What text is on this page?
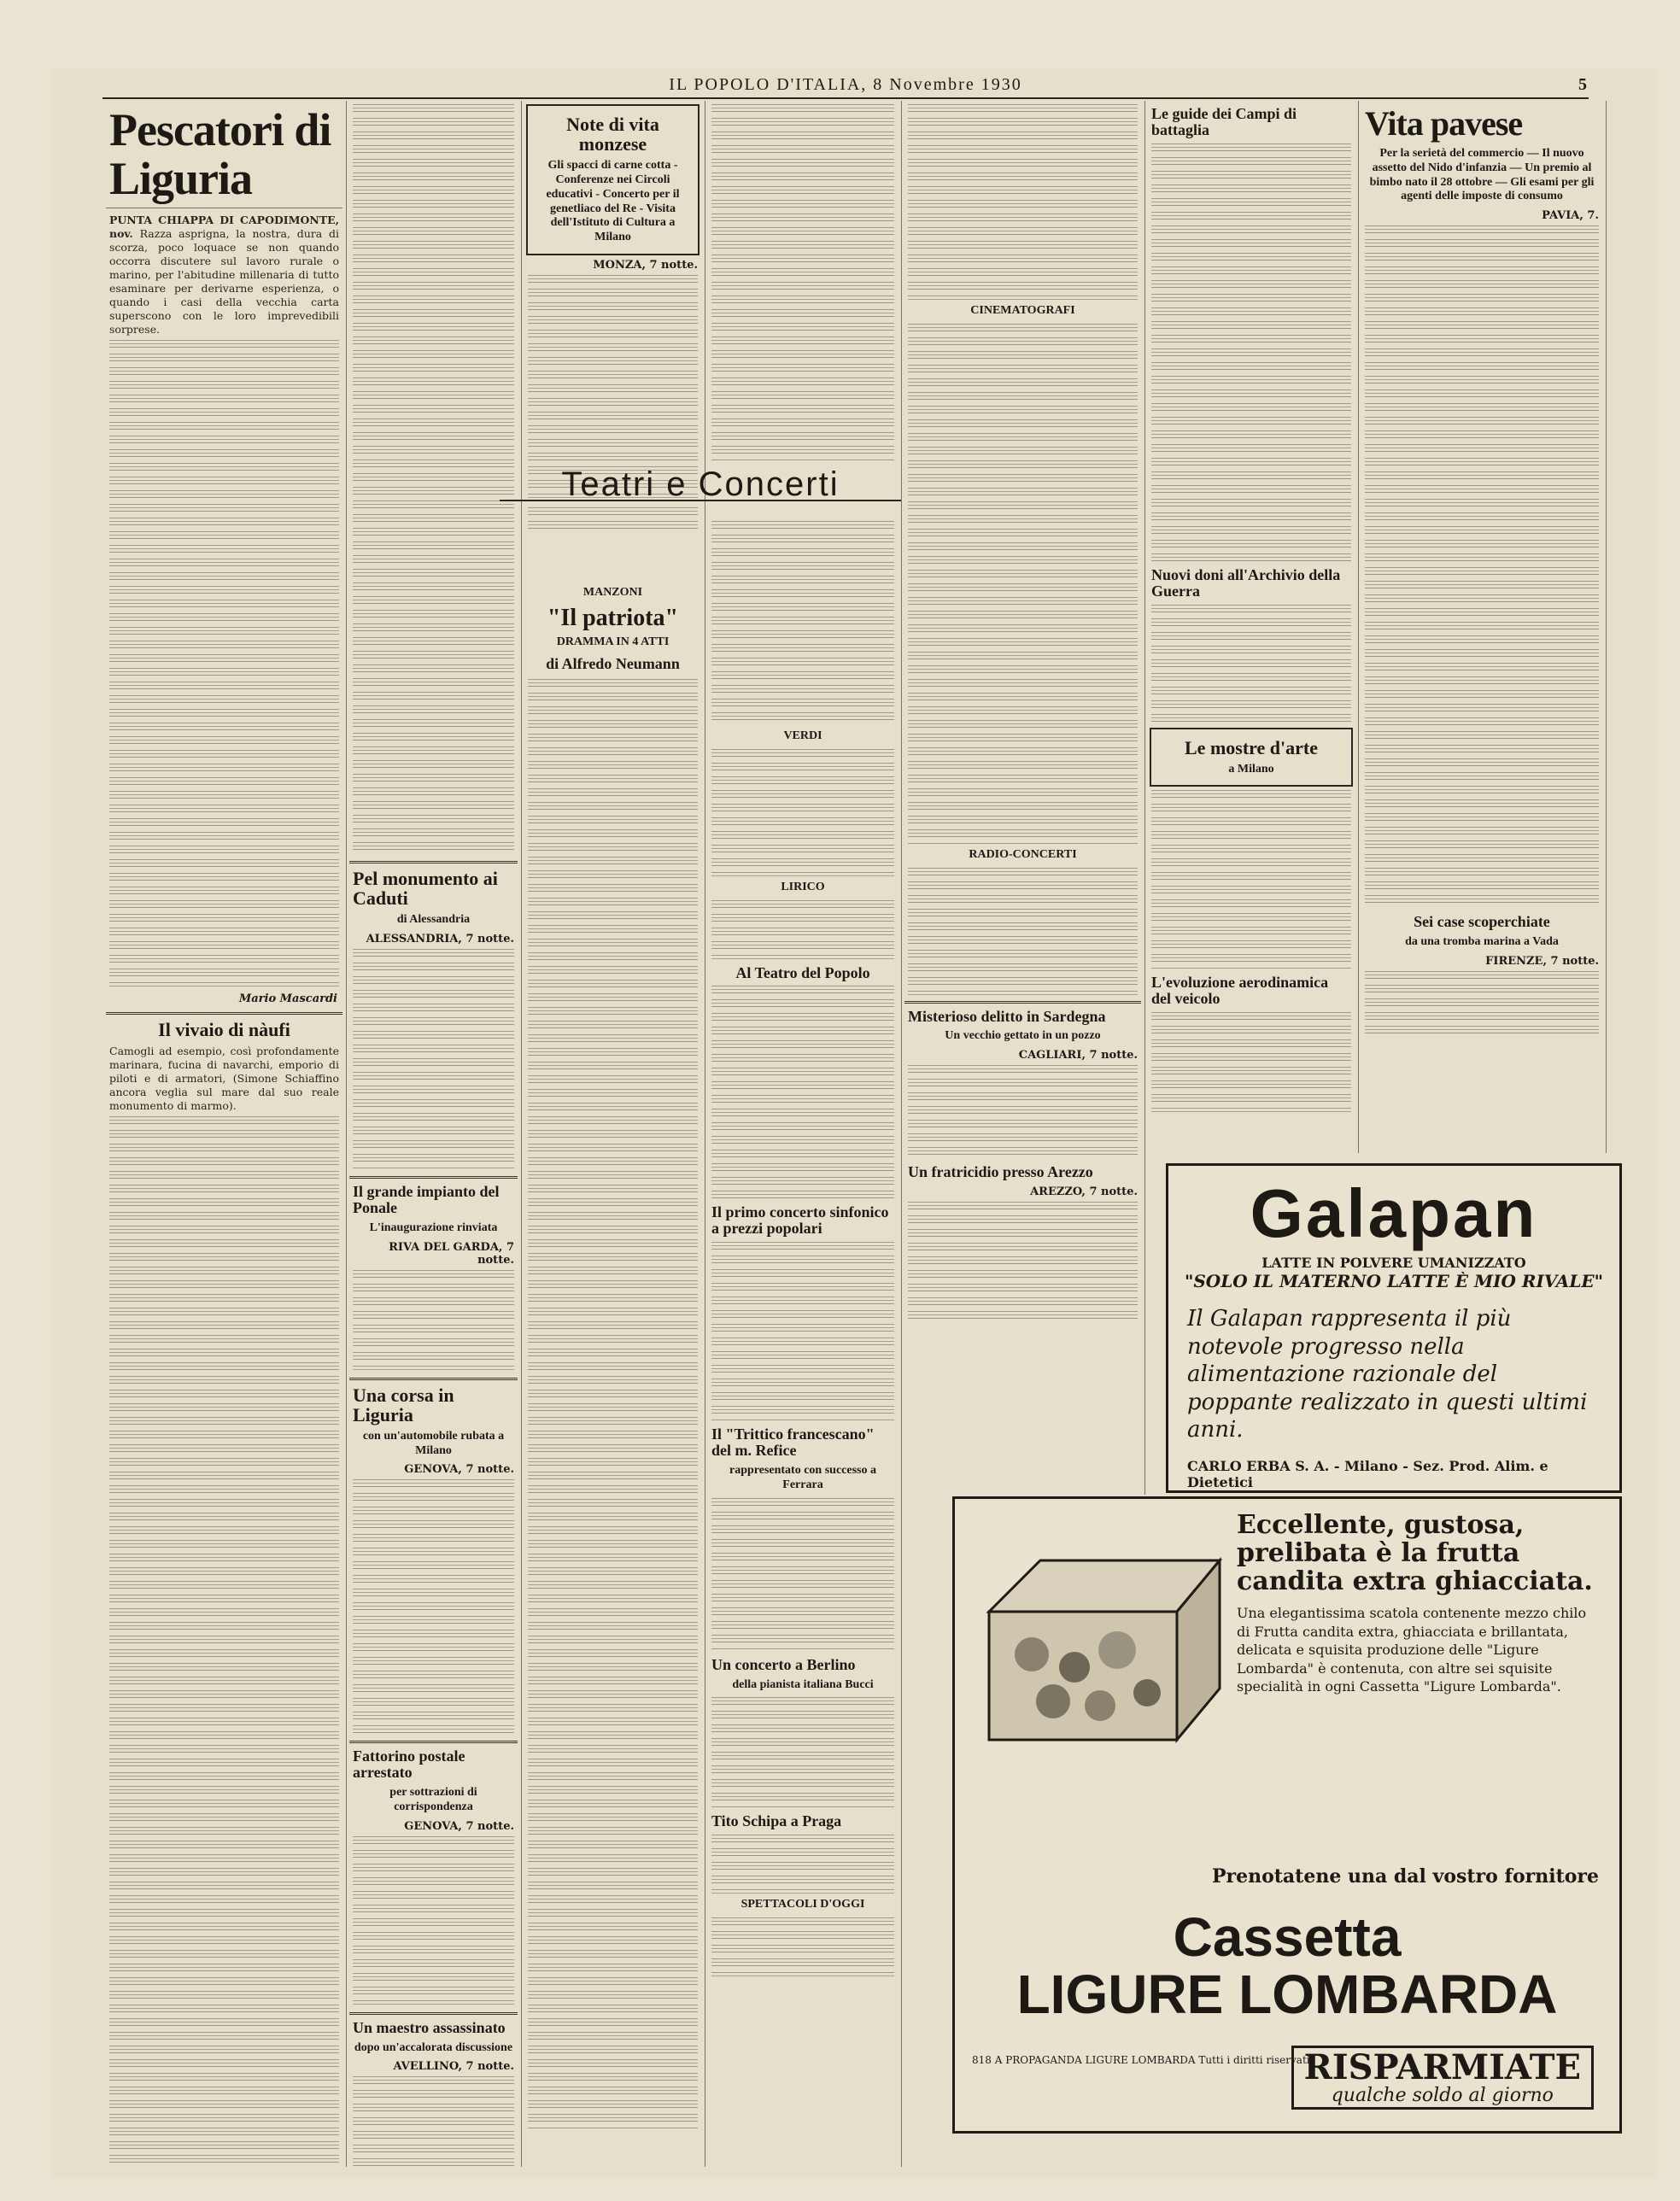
IL POPOLO D'ITALIA, 8 Novembre 1930	5
Pescatori di Liguria
PUNTA CHIAPPA DI CAPODIMONTE, nov. Razza asprigna, la nostra, dura di scorza, poco loquace se non quando occorra discutere sul lavoro rurale o marino, per l'abitudine millenaria di tutto esaminare per derivarne esperienza, o quando i casi della vecchia carta superscono con le loro imprevedibili sorprese.
Mario Mascardi
Il vivaio di nàufi
Camogli ad esempio, così profondamente marinara, fucina di navarchi, emporio di piloti e di armatori, (Simone Schiaffino ancora veglia sul mare dal suo reale monumento di marmo).
Pel monumento ai Caduti
di Alessandria
ALESSANDRIA, 7 notte.
Il grande impianto del Ponale
L'inaugurazione rinviata
RIVA DEL GARDA, 7 notte.
Una corsa in Liguria
con un'automobile rubata a Milano
GENOVA, 7 notte.
Fattorino postale arrestato
per sottrazioni di corrispondenza
GENOVA, 7 notte.
Un maestro assassinato
dopo un'accalorata discussione
AVELLINO, 7 notte.
Note di vita monzese
Gli spacci di carne cotta - Conferenze nei Circoli educativi - Concerto per il genetliaco del Re - Visita dell'Istituto di Cultura a Milano
MONZA, 7 notte.
MANZONI
"Il patriota"
DRAMMA IN 4 ATTI
di Alfredo Neumann
Teatri e Concerti
VERDI
LIRICO
Al Teatro del Popolo
Il primo concerto sinfonico a prezzi popolari
Il "Trittico francescano" del m. Refice
rappresentato con successo a Ferrara
Un concerto a Berlino
della pianista italiana Bucci
Tito Schipa a Praga
SPETTACOLI D'OGGI
CINEMATOGRAFI
RADIO-CONCERTI
Misterioso delitto in Sardegna
Un vecchio gettato in un pozzo
CAGLIARI, 7 notte.
Un fratricidio presso Arezzo
AREZZO, 7 notte.
Le guide dei Campi di battaglia
Nuovi doni all'Archivio della Guerra
Le mostre d'arte
a Milano
L'evoluzione aerodinamica del veicolo
Vita pavese
Per la serietà del commercio — Il nuovo assetto del Nido d'infanzia — Un premio al bimbo nato il 28 ottobre — Gli esami per gli agenti delle imposte di consumo
PAVIA, 7.
Sei case scoperchiate
da una tromba marina a Vada
FIRENZE, 7 notte.
Galapan
LATTE IN POLVERE UMANIZZATO
"SOLO IL MATERNO LATTE È MIO RIVALE"
Il Galapan rappresenta il più notevole progresso nella alimentazione razionale del poppante realizzato in questi ultimi anni.
CARLO ERBA S. A. - Milano - Sez. Prod. Alim. e Dietetici
Eccellente, gustosa, prelibata è la frutta candita extra ghiacciata.
Una elegantissima scatola contenente mezzo chilo di Frutta candita extra, ghiacciata e brillantata, delicata e squisita produzione delle "Ligure Lombarda" è contenuta, con altre sei squisite specialità in ogni Cassetta "Ligure Lombarda".
Prenotatene una dal vostro fornitore
Cassetta
LIGURE LOMBARDA
818 A PROPAGANDA LIGURE LOMBARDA Tutti i diritti riservati
RISPARMIATE
qualche soldo al giorno
